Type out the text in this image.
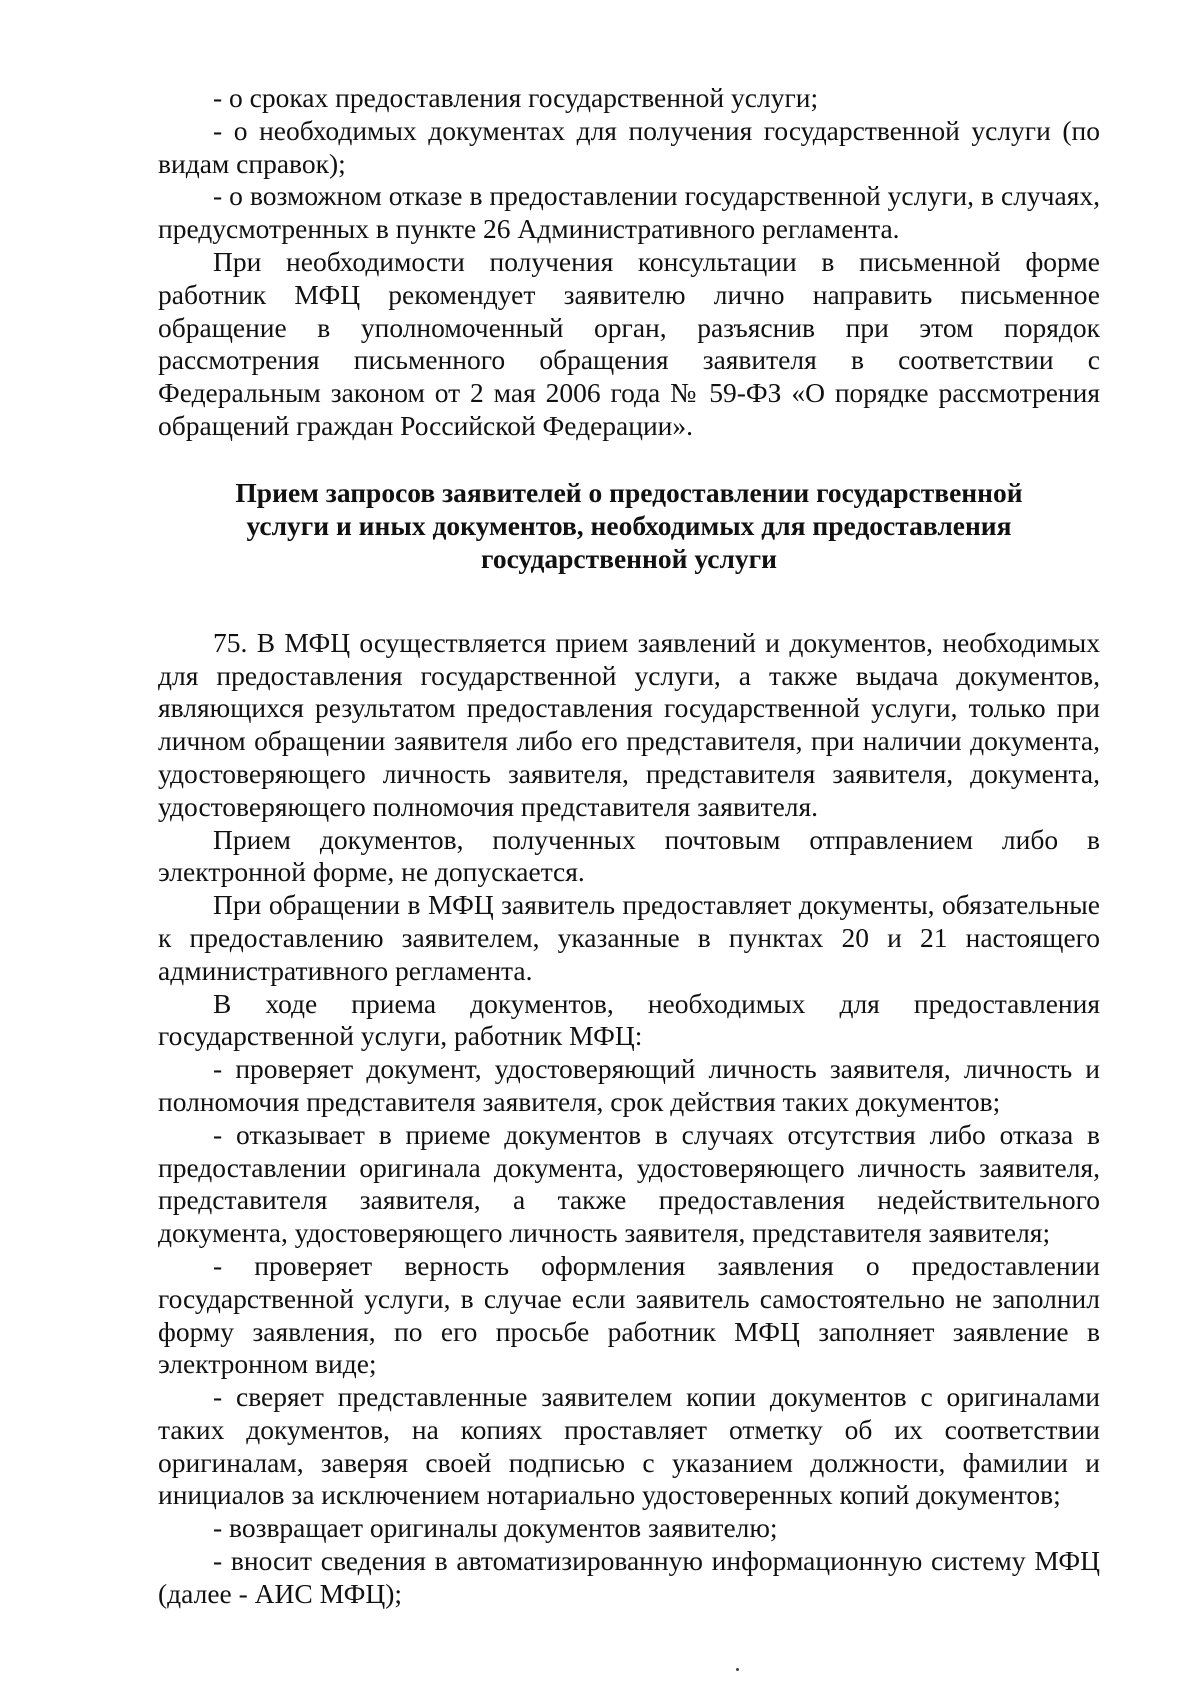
- о сроках предоставления государственной услуги;

- о необходимых документах для получения государственной услуги (по видам справок);

- о возможном отказе в предоставлении государственной услуги, в случаях, предусмотренных в пункте 26 Административного регламента.

При необходимости получения консультации в письменной форме работник МФЦ рекомендует заявителю лично направить письменное обращение в уполномоченный орган, разъяснив при этом порядок рассмотрения письменного обращения заявителя в соответствии с Федеральным законом от 2 мая 2006 года № 59-ФЗ «О порядке рассмотрения обращений граждан Российской Федерации».

Прием запросов заявителей о предоставлении государственной
услуги и иных документов, необходимых для предоставления
государственной услуги

75. В МФЦ осуществляется прием заявлений и документов, необходимых для предоставления государственной услуги, а также выдача документов, являющихся результатом предоставления государственной услуги, только при личном обращении заявителя либо его представителя, при наличии документа, удостоверяющего личность заявителя, представителя заявителя, документа, удостоверяющего полномочия представителя заявителя.

Прием документов, полученных почтовым отправлением либо в электронной форме, не допускается.

При обращении в МФЦ заявитель предоставляет документы, обязательные к предоставлению заявителем, указанные в пунктах 20 и 21 настоящего административного регламента.

В ходе приема документов, необходимых для предоставления государственной услуги, работник МФЦ:

- проверяет документ, удостоверяющий личность заявителя, личность и полномочия представителя заявителя, срок действия таких документов;

- отказывает в приеме документов в случаях отсутствия либо отказа в предоставлении оригинала документа, удостоверяющего личность заявителя, представителя заявителя, а также предоставления недействительного документа, удостоверяющего личность заявителя, представителя заявителя;

- проверяет верность оформления заявления о предоставлении государственной услуги, в случае если заявитель самостоятельно не заполнил форму заявления, по его просьбе работник МФЦ заполняет заявление в электронном виде;

- сверяет представленные заявителем копии документов с оригиналами таких документов, на копиях проставляет отметку об их соответствии оригиналам, заверяя своей подписью с указанием должности, фамилии и инициалов за исключением нотариально удостоверенных копий документов;

- возвращает оригиналы документов заявителю;

- вносит сведения в автоматизированную информационную систему МФЦ (далее - АИС МФЦ);
